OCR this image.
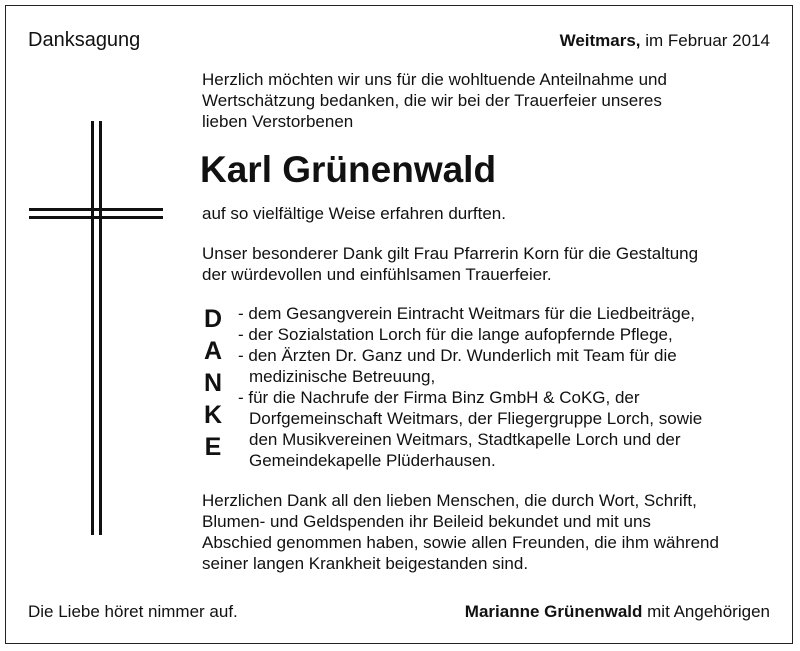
Danksagung	Weitmars, im Februar 2014
Herzlich möchten wir uns für die wohltuende Anteilnahme und
Wertschätzung bedanken, die wir bei der Trauerfeier unseres
lieben Verstorbenen
Karl Grünenwald
auf so vielfältige Weise erfahren durften.
Unser besonderer Dank gilt Frau Pfarrerin Korn für die Gestaltung
der würdevollen und einfühlsamen Trauerfeier.
D
A
N
K
E
- dem Gesangverein Eintracht Weitmars für die Liedbeiträge,
- der Sozialstation Lorch für die lange aufopfernde Pflege,
- den Ärzten Dr. Ganz und Dr. Wunderlich mit Team für die
medizinische Betreuung,
- für die Nachrufe der Firma Binz GmbH & CoKG, der
Dorfgemeinschaft Weitmars, der Fliegergruppe Lorch, sowie
den Musikvereinen Weitmars, Stadtkapelle Lorch und der
Gemeindekapelle Plüderhausen.
Herzlichen Dank all den lieben Menschen, die durch Wort, Schrift,
Blumen- und Geldspenden ihr Beileid bekundet und mit uns
Abschied genommen haben, sowie allen Freunden, die ihm während
seiner langen Krankheit beigestanden sind.
Die Liebe höret nimmer auf.	Marianne Grünenwald mit Angehörigen
